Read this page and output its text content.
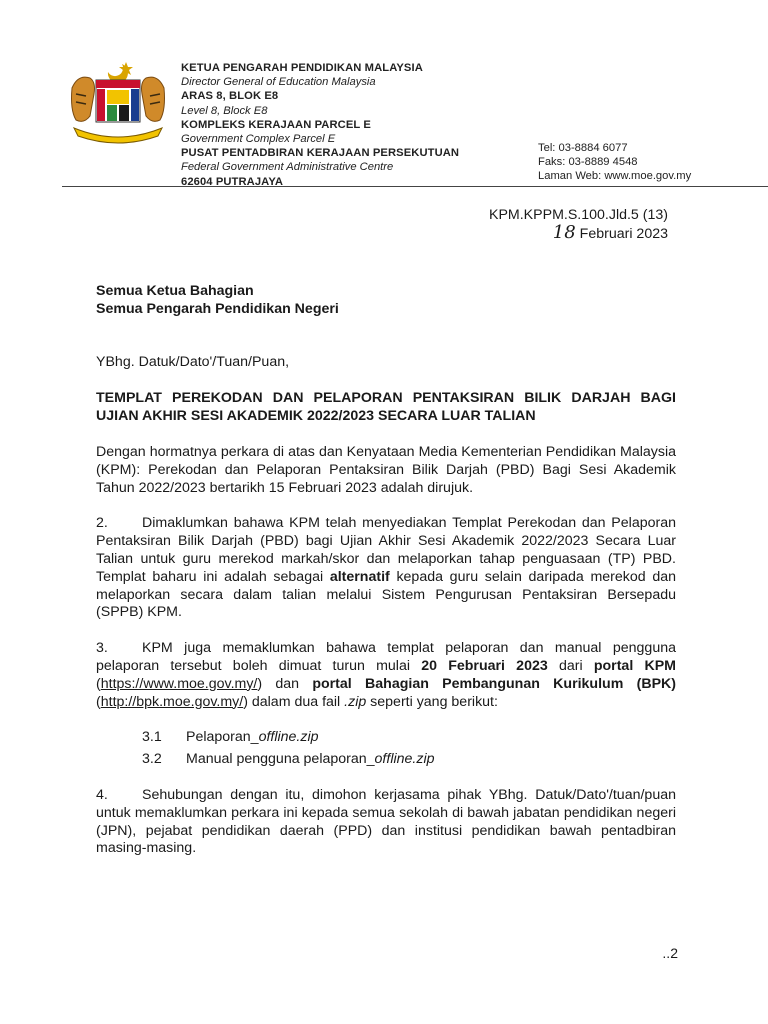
KETUA PENGARAH PENDIDIKAN MALAYSIA
Director General of Education Malaysia
ARAS 8, BLOK E8
Level 8, Block E8
KOMPLEKS KERAJAAN PARCEL E
Government Complex Parcel E
PUSAT PENTADBIRAN KERAJAAN PERSEKUTUAN
Federal Government Administrative Centre
62604 PUTRAJAYA
Tel: 03-8884 6077
Faks: 03-8889 4548
Laman Web: www.moe.gov.my
KPM.KPPM.S.100.Jld.5 (13)
18 Februari 2023

Semua Ketua Bahagian

Semua Pengarah Pendidikan Negeri

YBhg. Datuk/Dato'/Tuan/Puan,

TEMPLAT PEREKODAN DAN PELAPORAN PENTAKSIRAN BILIK DARJAH BAGI UJIAN AKHIR SESI AKADEMIK 2022/2023 SECARA LUAR TALIAN

Dengan hormatnya perkara di atas dan Kenyataan Media Kementerian Pendidikan Malaysia (KPM): Perekodan dan Pelaporan Pentaksiran Bilik Darjah (PBD) Bagi Sesi Akademik Tahun 2022/2023 bertarikh 15 Februari 2023 adalah dirujuk.

2. Dimaklumkan bahawa KPM telah menyediakan Templat Perekodan dan Pelaporan Pentaksiran Bilik Darjah (PBD) bagi Ujian Akhir Sesi Akademik 2022/2023 Secara Luar Talian untuk guru merekod markah/skor dan melaporkan tahap penguasaan (TP) PBD. Templat baharu ini adalah sebagai alternatif kepada guru selain daripada merekod dan melaporkan secara dalam talian melalui Sistem Pengurusan Pentaksiran Bersepadu (SPPB) KPM.

3. KPM juga memaklumkan bahawa templat pelaporan dan manual pengguna pelaporan tersebut boleh dimuat turun mulai 20 Februari 2023 dari portal KPM (https://www.moe.gov.my/) dan portal Bahagian Pembangunan Kurikulum (BPK) (http://bpk.moe.gov.my/) dalam dua fail .zip seperti yang berikut:

3.1 Pelaporan_offline.zip
3.2 Manual pengguna pelaporan_offline.zip

4. Sehubungan dengan itu, dimohon kerjasama pihak YBhg. Datuk/Dato'/tuan/puan untuk memaklumkan perkara ini kepada semua sekolah di bawah jabatan pendidikan negeri (JPN), pejabat pendidikan daerah (PPD) dan institusi pendidikan bawah pentadbiran masing-masing.

..2
